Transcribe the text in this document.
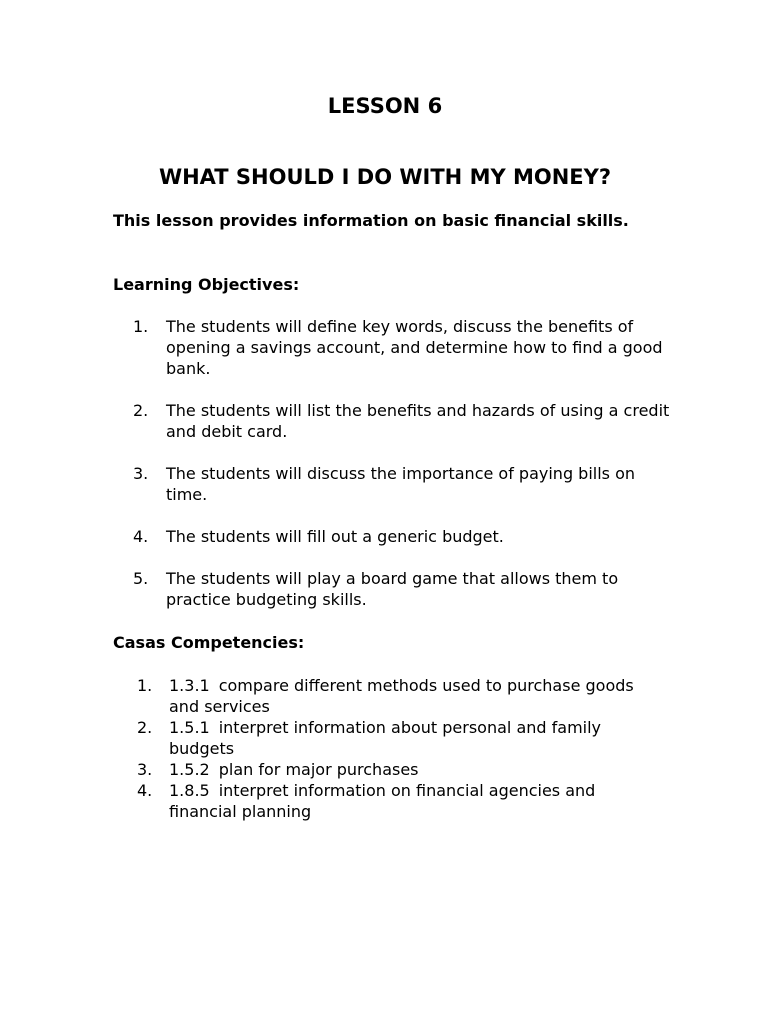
LESSON 6
WHAT SHOULD I DO WITH MY MONEY?

This lesson provides information on basic financial skills.

Learning Objectives:

1. The students will define key words, discuss the benefits of opening a savings account, and determine how to find a good bank.
2. The students will list the benefits and hazards of using a credit and debit card.
3. The students will discuss the importance of paying bills on time.
4. The students will fill out a generic budget.
5. The students will play a board game that allows them to practice budgeting skills.

Casas Competencies:

1. 1.3.1 compare different methods used to purchase goods and services
2. 1.5.1 interpret information about personal and family budgets
3. 1.5.2 plan for major purchases
4. 1.8.5 interpret information on financial agencies and financial planning
